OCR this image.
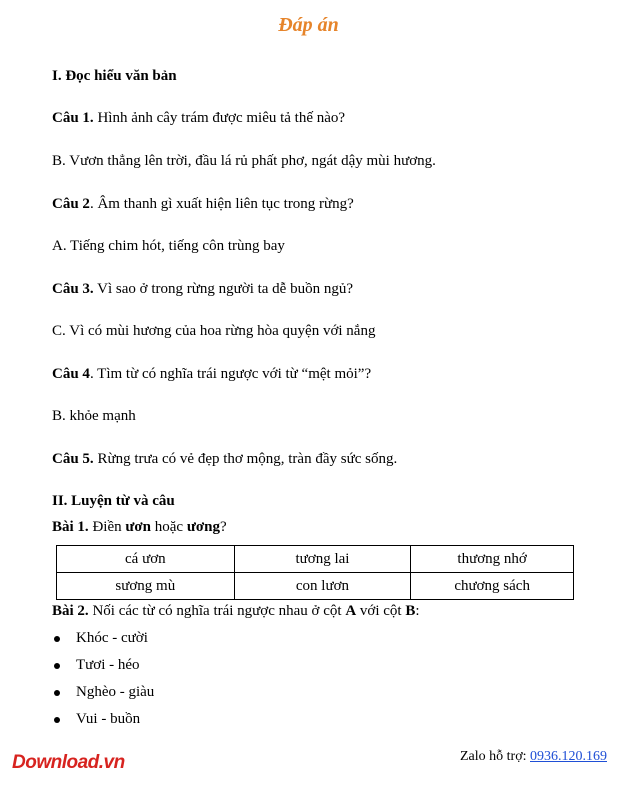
Đáp án
I. Đọc hiểu văn bản
Câu 1. Hình ảnh cây trám được miêu tả thế nào?
B. Vươn thẳng lên trời, đầu lá rủ phất phơ, ngát dậy mùi hương.
Câu 2. Âm thanh gì xuất hiện liên tục trong rừng?
A. Tiếng chim hót, tiếng côn trùng bay
Câu 3. Vì sao ở trong rừng người ta dễ buồn ngủ?
C. Vì có mùi hương của hoa rừng hòa quyện với nắng
Câu 4. Tìm từ có nghĩa trái ngược với từ “mệt mỏi”?
B. khỏe mạnh
Câu 5. Rừng trưa có vẻ đẹp thơ mộng, tràn đầy sức sống.
II. Luyện từ và câu
Bài 1. Điền ươn hoặc ương?
cá ươn	tương lai	thương nhớ
sương mù	con lươn	chương sách
Bài 2. Nối các từ có nghĩa trái ngược nhau ở cột A với cột B:
Khóc - cười
Tươi - héo
Nghèo - giàu
Vui - buồn
Download.vn	Zalo hỗ trợ: 0936.120.169
